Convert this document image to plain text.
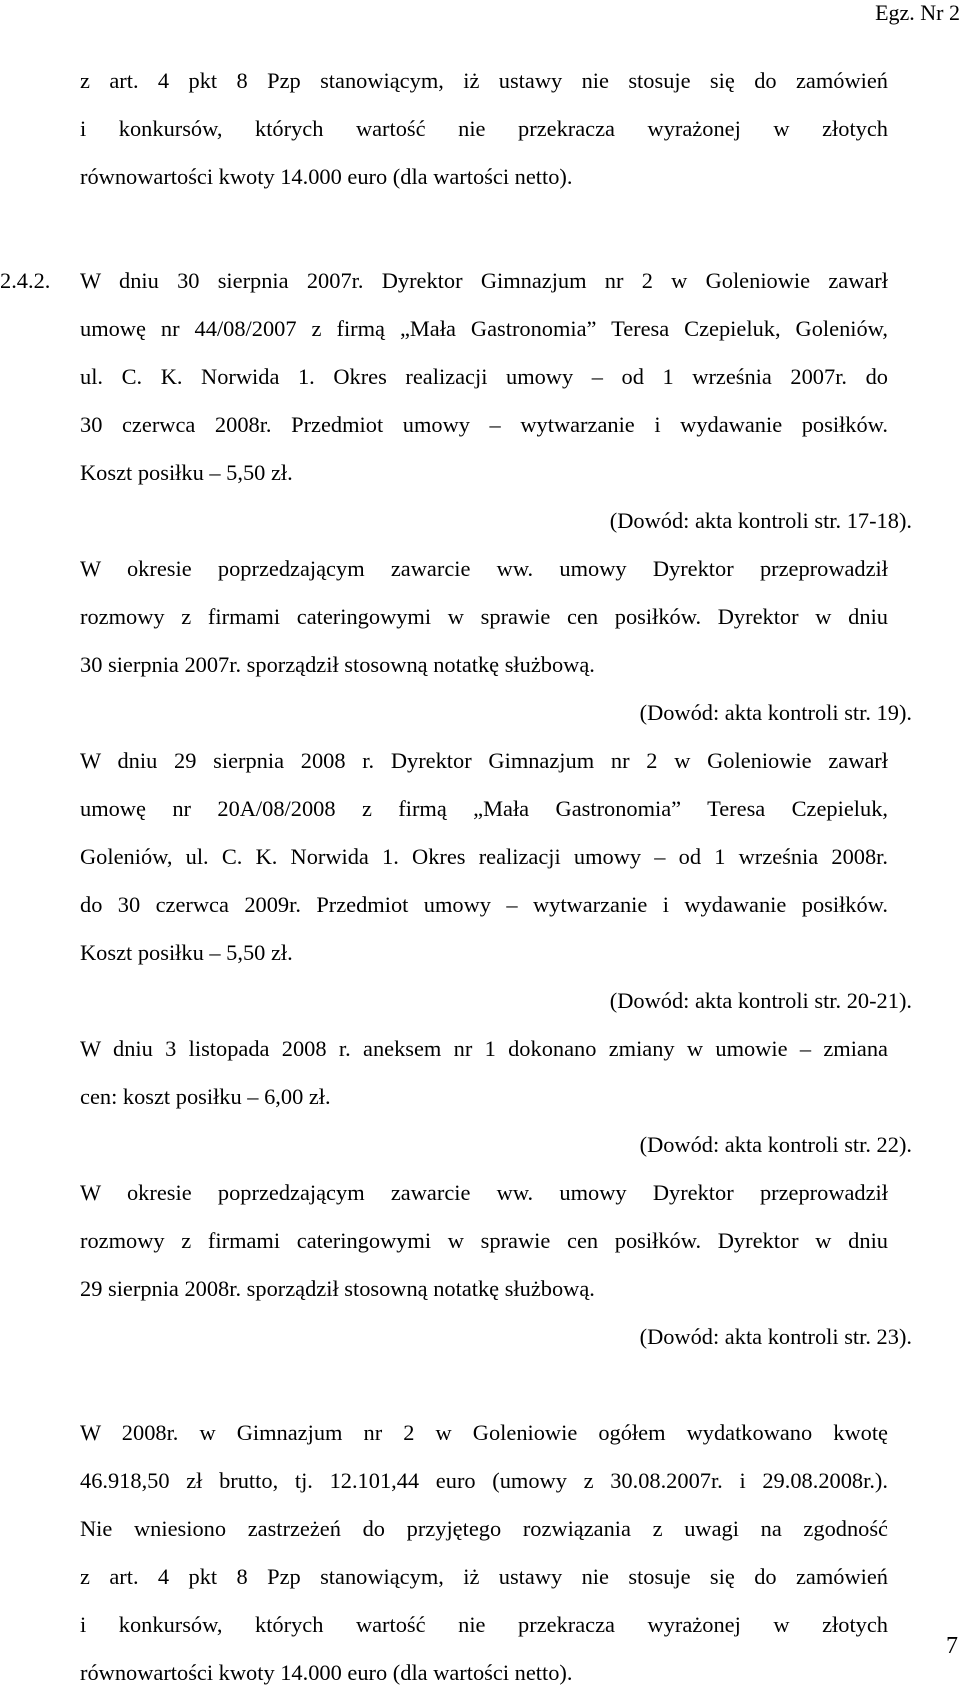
Egz. Nr 2
z art. 4 pkt 8 Pzp stanowiącym, iż ustawy nie stosuje się do zamówień
i konkursów, których wartość nie przekracza wyrażonej w złotych
równowartości kwoty 14.000 euro (dla wartości netto).
2.4.2. W dniu 30 sierpnia 2007r. Dyrektor Gimnazjum nr 2 w Goleniowie zawarł
umowę nr 44/08/2007 z firmą „Mała Gastronomia” Teresa Czepieluk, Goleniów,
ul. C. K. Norwida 1. Okres realizacji umowy – od 1 września 2007r. do
30 czerwca 2008r. Przedmiot umowy – wytwarzanie i wydawanie posiłków.
Koszt posiłku – 5,50 zł.
(Dowód: akta kontroli str. 17-18).
W okresie poprzedzającym zawarcie ww. umowy Dyrektor przeprowadził
rozmowy z firmami cateringowymi w sprawie cen posiłków. Dyrektor w dniu
30 sierpnia 2007r. sporządził stosowną notatkę służbową.
(Dowód: akta kontroli str. 19).
W dniu 29 sierpnia 2008 r. Dyrektor Gimnazjum nr 2 w Goleniowie zawarł
umowę nr 20A/08/2008 z firmą „Mała Gastronomia” Teresa Czepieluk,
Goleniów, ul. C. K. Norwida 1. Okres realizacji umowy – od 1 września 2008r.
do 30 czerwca 2009r. Przedmiot umowy – wytwarzanie i wydawanie posiłków.
Koszt posiłku – 5,50 zł.
(Dowód: akta kontroli str. 20-21).
W dniu 3 listopada 2008 r. aneksem nr 1 dokonano zmiany w umowie – zmiana
cen: koszt posiłku – 6,00 zł.
(Dowód: akta kontroli str. 22).
W okresie poprzedzającym zawarcie ww. umowy Dyrektor przeprowadził
rozmowy z firmami cateringowymi w sprawie cen posiłków. Dyrektor w dniu
29 sierpnia 2008r. sporządził stosowną notatkę służbową.
(Dowód: akta kontroli str. 23).
W 2008r. w Gimnazjum nr 2 w Goleniowie ogółem wydatkowano kwotę
46.918,50 zł brutto, tj. 12.101,44 euro (umowy z 30.08.2007r. i 29.08.2008r.).
Nie wniesiono zastrzeżeń do przyjętego rozwiązania z uwagi na zgodność
z art. 4 pkt 8 Pzp stanowiącym, iż ustawy nie stosuje się do zamówień
i konkursów, których wartość nie przekracza wyrażonej w złotych
równowartości kwoty 14.000 euro (dla wartości netto).
7
